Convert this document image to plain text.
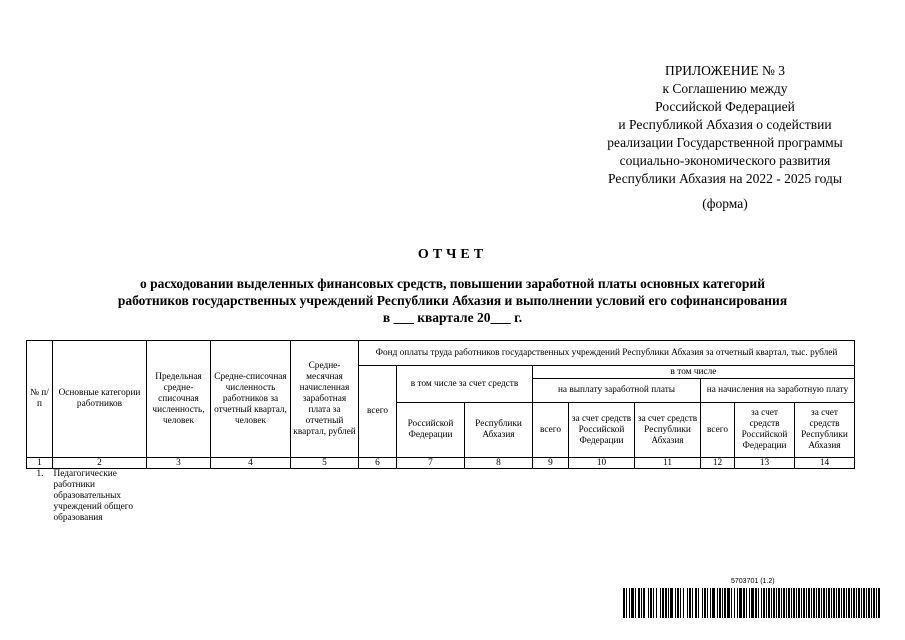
ПРИЛОЖЕНИЕ № 3
к Соглашению между
Российской Федерацией
и Республикой Абхазия о содействии
реализации Государственной программы
социально-экономического развития
Республики Абхазия на 2022 - 2025 годы
(форма)
ОТЧЕТ
о расходовании выделенных финансовых средств, повышении заработной платы основных категорий
работников государственных учреждений Республики Абхазия и выполнении условий его софинансирования
в ___ квартале 20___ г.
№ п/п	Основные категории работников	Предельная средне-списочная численность, человек	Средне-списочная численность работников за отчетный квартал, человек	Средне-месячная начисленная заработная плата за отчетный квартал, рублей	Фонд оплаты труда работников государственных учреждений Республики Абхазия за отчетный квартал, тыс. рублей								
					всего	в том числе за счет средств		в том числе					
								на выплату заработной платы			на начисления на заработную плату		
						Российской Федерации	Республики Абхазия	всего	за счет средств Российской Федерации	за счет средств Республики Абхазия	всего	за счет средств Российской Федерации	за счет средств Республики Абхазия
1	2	3	4	5	6	7	8	9	10	11	12	13	14
1.	Педагогические работники образовательных учреждений общего образования												
5703701 (1.2)
